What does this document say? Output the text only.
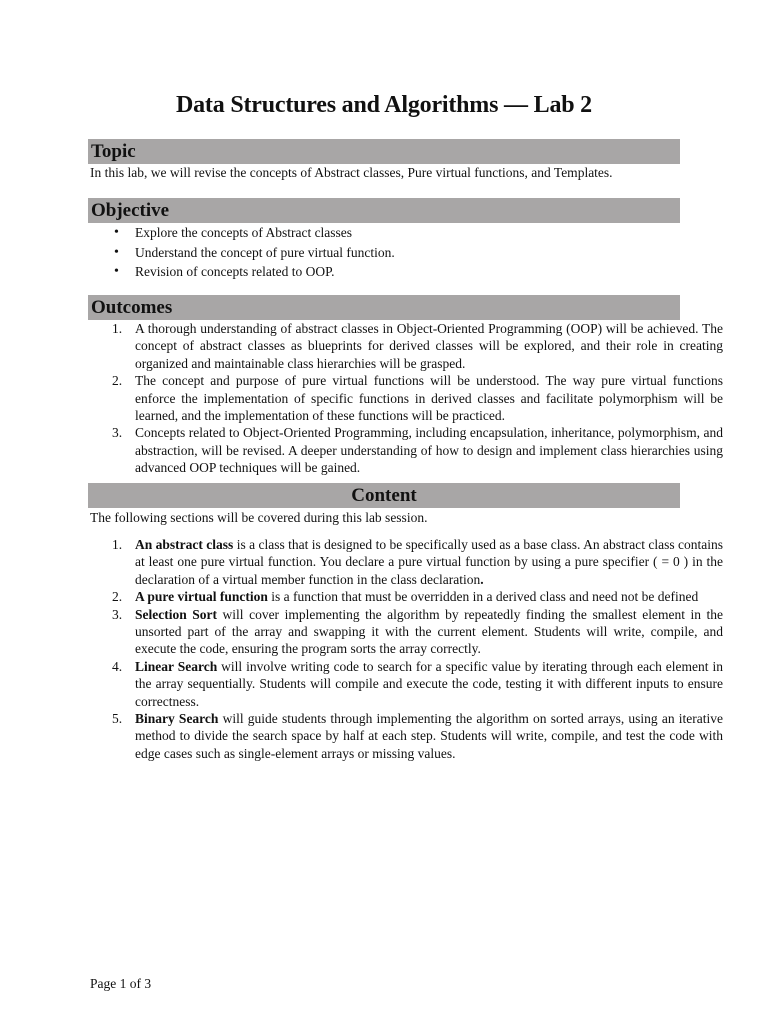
Data Structures and Algorithms — Lab 2
Topic
In this lab, we will revise the concepts of Abstract classes, Pure virtual functions, and Templates.
Objective
• Explore the concepts of Abstract classes
• Understand the concept of pure virtual function.
• Revision of concepts related to OOP.
Outcomes
1. A thorough understanding of abstract classes in Object-Oriented Programming (OOP) will be achieved. The concept of abstract classes as blueprints for derived classes will be explored, and their role in creating organized and maintainable class hierarchies will be grasped.
2. The concept and purpose of pure virtual functions will be understood. The way pure virtual functions enforce the implementation of specific functions in derived classes and facilitate polymorphism will be learned, and the implementation of these functions will be practiced.
3. Concepts related to Object-Oriented Programming, including encapsulation, inheritance, polymorphism, and abstraction, will be revised. A deeper understanding of how to design and implement class hierarchies using advanced OOP techniques will be gained.
Content
The following sections will be covered during this lab session.
1. An abstract class is a class that is designed to be specifically used as a base class. An abstract class contains at least one pure virtual function. You declare a pure virtual function by using a pure specifier ( = 0 ) in the declaration of a virtual member function in the class declaration.
2. A pure virtual function is a function that must be overridden in a derived class and need not be defined
3. Selection Sort will cover implementing the algorithm by repeatedly finding the smallest element in the unsorted part of the array and swapping it with the current element. Students will write, compile, and execute the code, ensuring the program sorts the array correctly.
4. Linear Search will involve writing code to search for a specific value by iterating through each element in the array sequentially. Students will compile and execute the code, testing it with different inputs to ensure correctness.
5. Binary Search will guide students through implementing the algorithm on sorted arrays, using an iterative method to divide the search space by half at each step. Students will write, compile, and test the code with edge cases such as single-element arrays or missing values.
Page 1 of 3
